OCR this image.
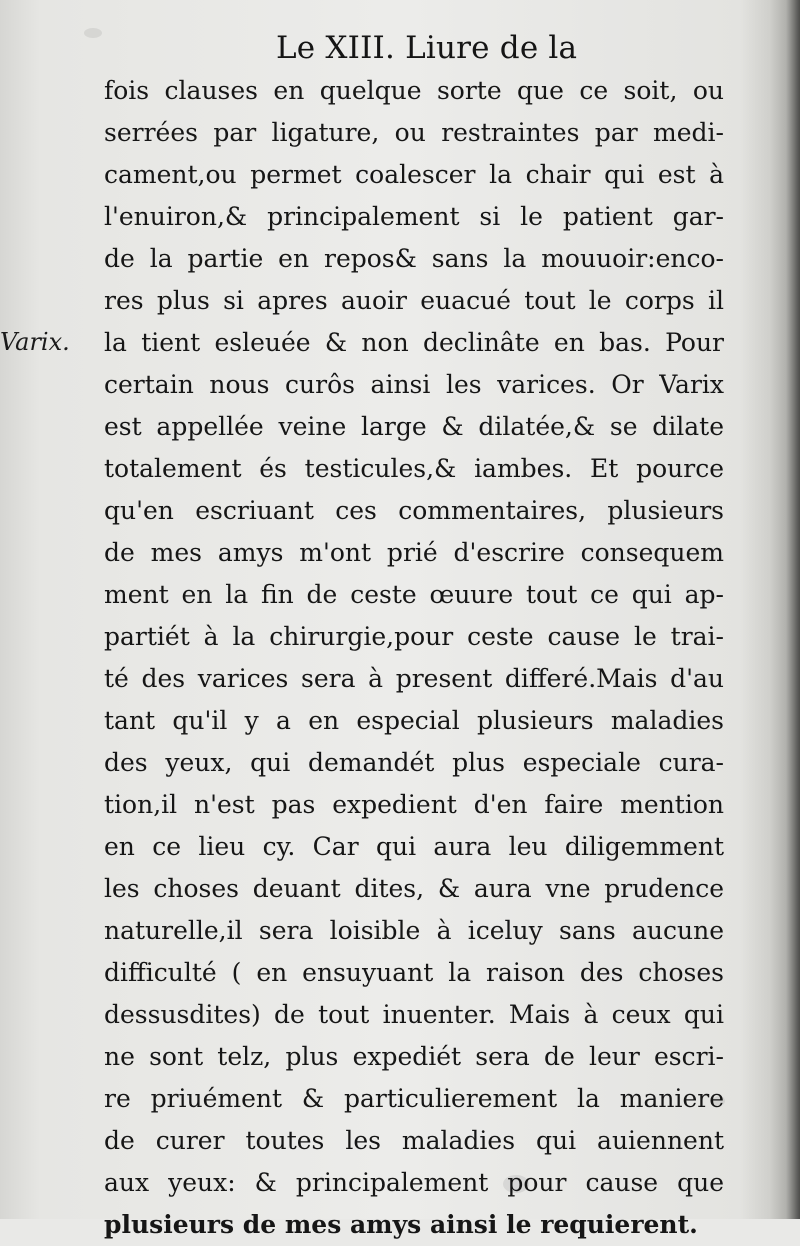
Le XIII. Liure de la
Varix.
fois clauses en quelque sorte que ce soit, ou
serrées par ligature, ou restraintes par medi-
cament,ou permet coalescer la chair qui est à
l'enuiron,& principalement si le patient gar-
de la partie en repos& sans la mouuoir:enco-
res plus si apres auoir euacué tout le corps il
la tient esleuée & non declinâte en bas. Pour
certain nous curôs ainsi les varices. Or Varix
est appellée veine large & dilatée,& se dilate
totalement és testicules,& iambes. Et pource
qu'en escriuant ces commentaires, plusieurs
de mes amys m'ont prié d'escrire consequem
ment en la fin de ceste œuure tout ce qui ap-
partiét à la chirurgie,pour ceste cause le trai-
té des varices sera à present differé.Mais d'au
tant qu'il y a en especial plusieurs maladies
des yeux, qui demandét plus especiale cura-
tion,il n'est pas expedient d'en faire mention
en ce lieu cy. Car qui aura leu diligemment
les choses deuant dites, & aura vne prudence
naturelle,il sera loisible à iceluy sans aucune
difficulté ( en ensuyuant la raison des choses
dessusdites) de tout inuenter. Mais à ceux qui
ne sont telz, plus expediét sera de leur escri-
re priuément & particulierement la maniere
de curer toutes les maladies qui auiennent
aux yeux: & principalement pour cause que
plusieurs de mes amys ainsi le requierent.
